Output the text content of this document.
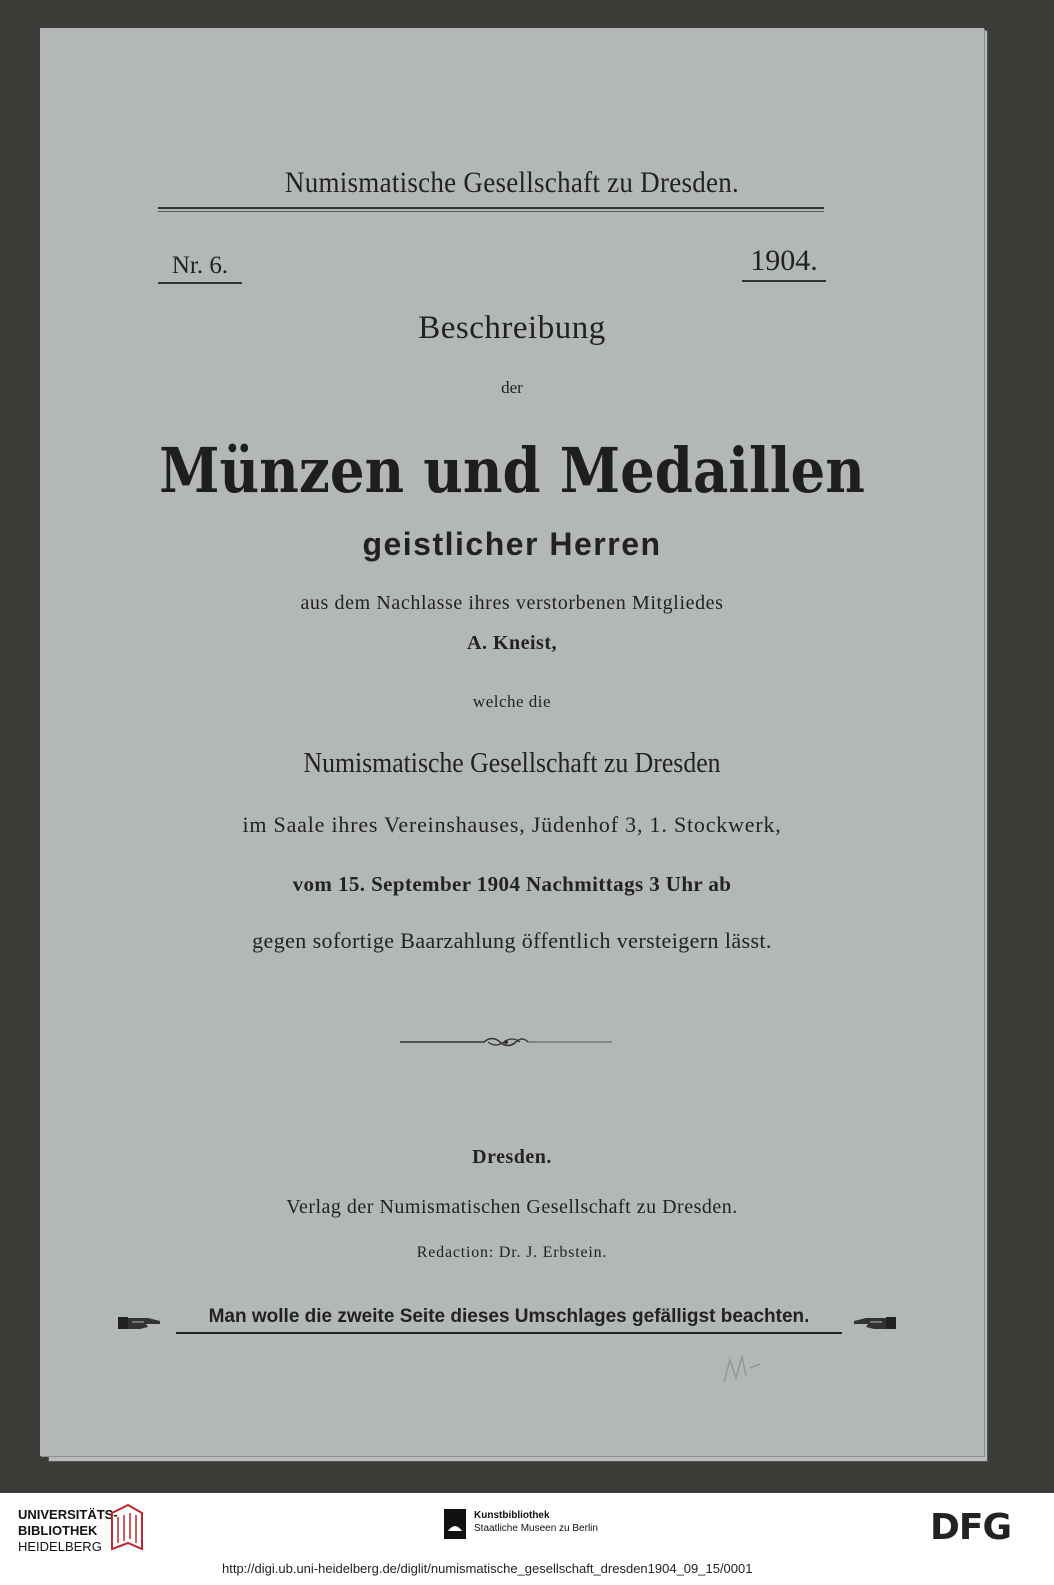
Numismatische Gesellschaft zu Dresden.
Nr. 6.	1904.
Beschreibung
der
Münzen und Medaillen
geistlicher Herren
aus dem Nachlasse ihres verstorbenen Mitgliedes
A. Kneist,
welche die
Numismatische Gesellschaft zu Dresden
im Saale ihres Vereinshauses, Jüdenhof 3, 1. Stockwerk,
vom 15. September 1904 Nachmittags 3 Uhr ab
gegen sofortige Baarzahlung öffentlich versteigern lässt.
Dresden.
Verlag der Numismatischen Gesellschaft zu Dresden.
Redaction: Dr. J. Erbstein.
Man wolle die zweite Seite dieses Umschlages gefälligst beachten.
UNIVERSITÄTS-
BIBLIOTHEK
HEIDELBERG
Kunstbibliothek
Staatliche Museen zu Berlin	DFG
http://digi.ub.uni-heidelberg.de/diglit/numismatische_gesellschaft_dresden1904_09_15/0001
